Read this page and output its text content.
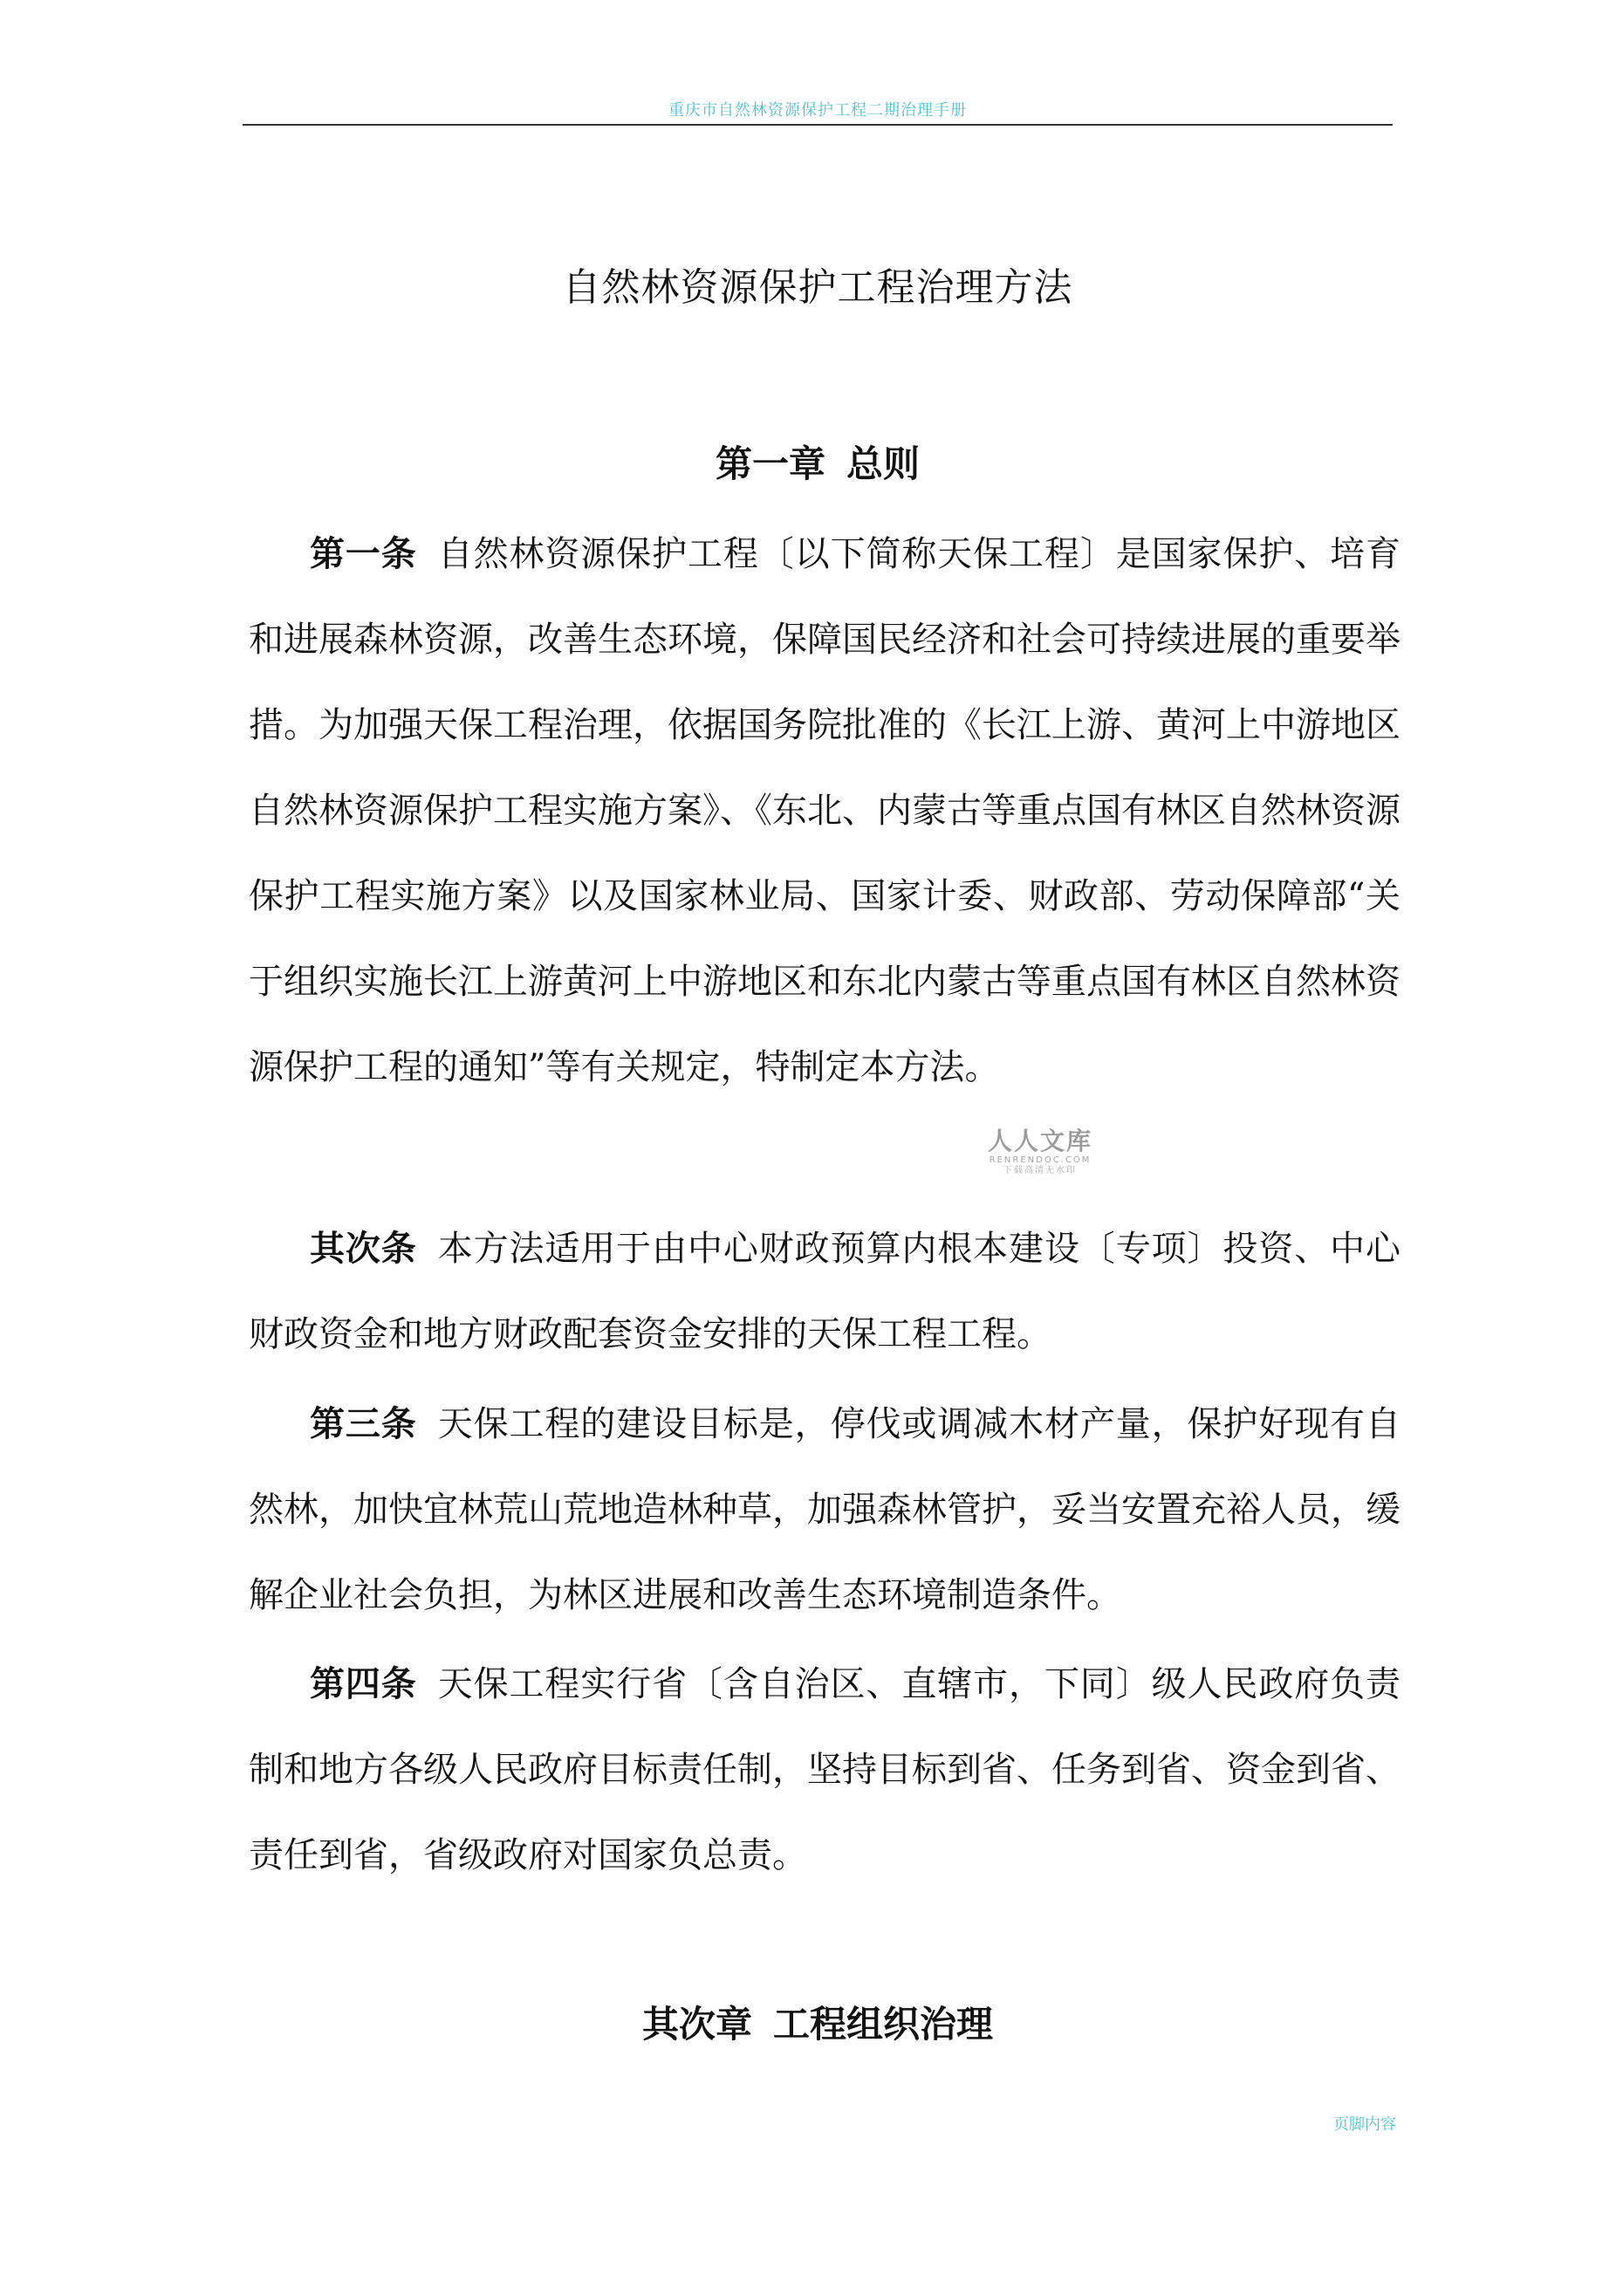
重庆市自然林资源保护工程二期治理手册
自然林资源保护工程治理方法
第一章 总则

第一条 自然林资源保护工程〔以下简称天保工程〕是国家保护、培育和进展森林资源，改善生态环境，保障国民经济和社会可持续进展的重要举措。为加强天保工程治理，依据国务院批准的《长江上游、黄河上中游地区自然林资源保护工程实施方案》、《东北、内蒙古等重点国有林区自然林资源保护工程实施方案》以及国家林业局、国家计委、财政部、劳动保障部“关于组织实施长江上游黄河上中游地区和东北内蒙古等重点国有林区自然林资源保护工程的通知”等有关规定，特制定本方法。

其次条 本方法适用于由中心财政预算内根本建设〔专项〕投资、中心财政资金和地方财政配套资金安排的天保工程工程。

第三条 天保工程的建设目标是，停伐或调减木材产量，保护好现有自然林，加快宜林荒山荒地造林种草，加强森林管护，妥当安置充裕人员，缓解企业社会负担，为林区进展和改善生态环境制造条件。

第四条 天保工程实行省〔含自治区、直辖市，下同〕级人民政府负责制和地方各级人民政府目标责任制，坚持目标到省、任务到省、资金到省、责任到省，省级政府对国家负总责。

其次章 工程组织治理
人人文库
RENRENDOC.COM
下载高清无水印
页脚内容
